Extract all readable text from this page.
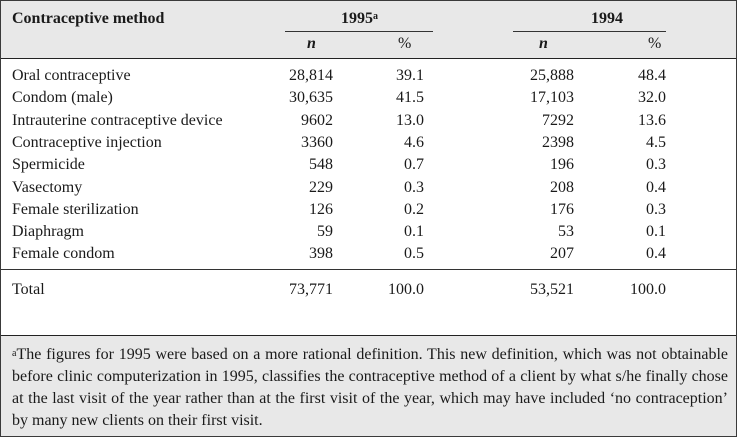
Contraceptive method	1995$^a$	1994
n	%	n	%
Oral contraceptive	28,814	39.1	25,888	48.4
Condom (male)	30,635	41.5	17,103	32.0
Intrauterine contraceptive device	9602	13.0	7292	13.6
Contraceptive injection	3360	4.6	2398	4.5
Spermicide	548	0.7	196	0.3
Vasectomy	229	0.3	208	0.4
Female sterilization	126	0.2	176	0.3
Diaphragm	59	0.1	53	0.1
Female condom	398	0.5	207	0.4
Total	73,771	100.0	53,521	100.0
$^a$The figures for 1995 were based on a more rational definition. This new definition, which was not obtainable before clinic computerization in 1995, classifies the contraceptive method of a client by what s/he finally chose at the last visit of the year rather than at the first visit of the year, which may have included ‘no contraception’ by many new clients on their first visit.
